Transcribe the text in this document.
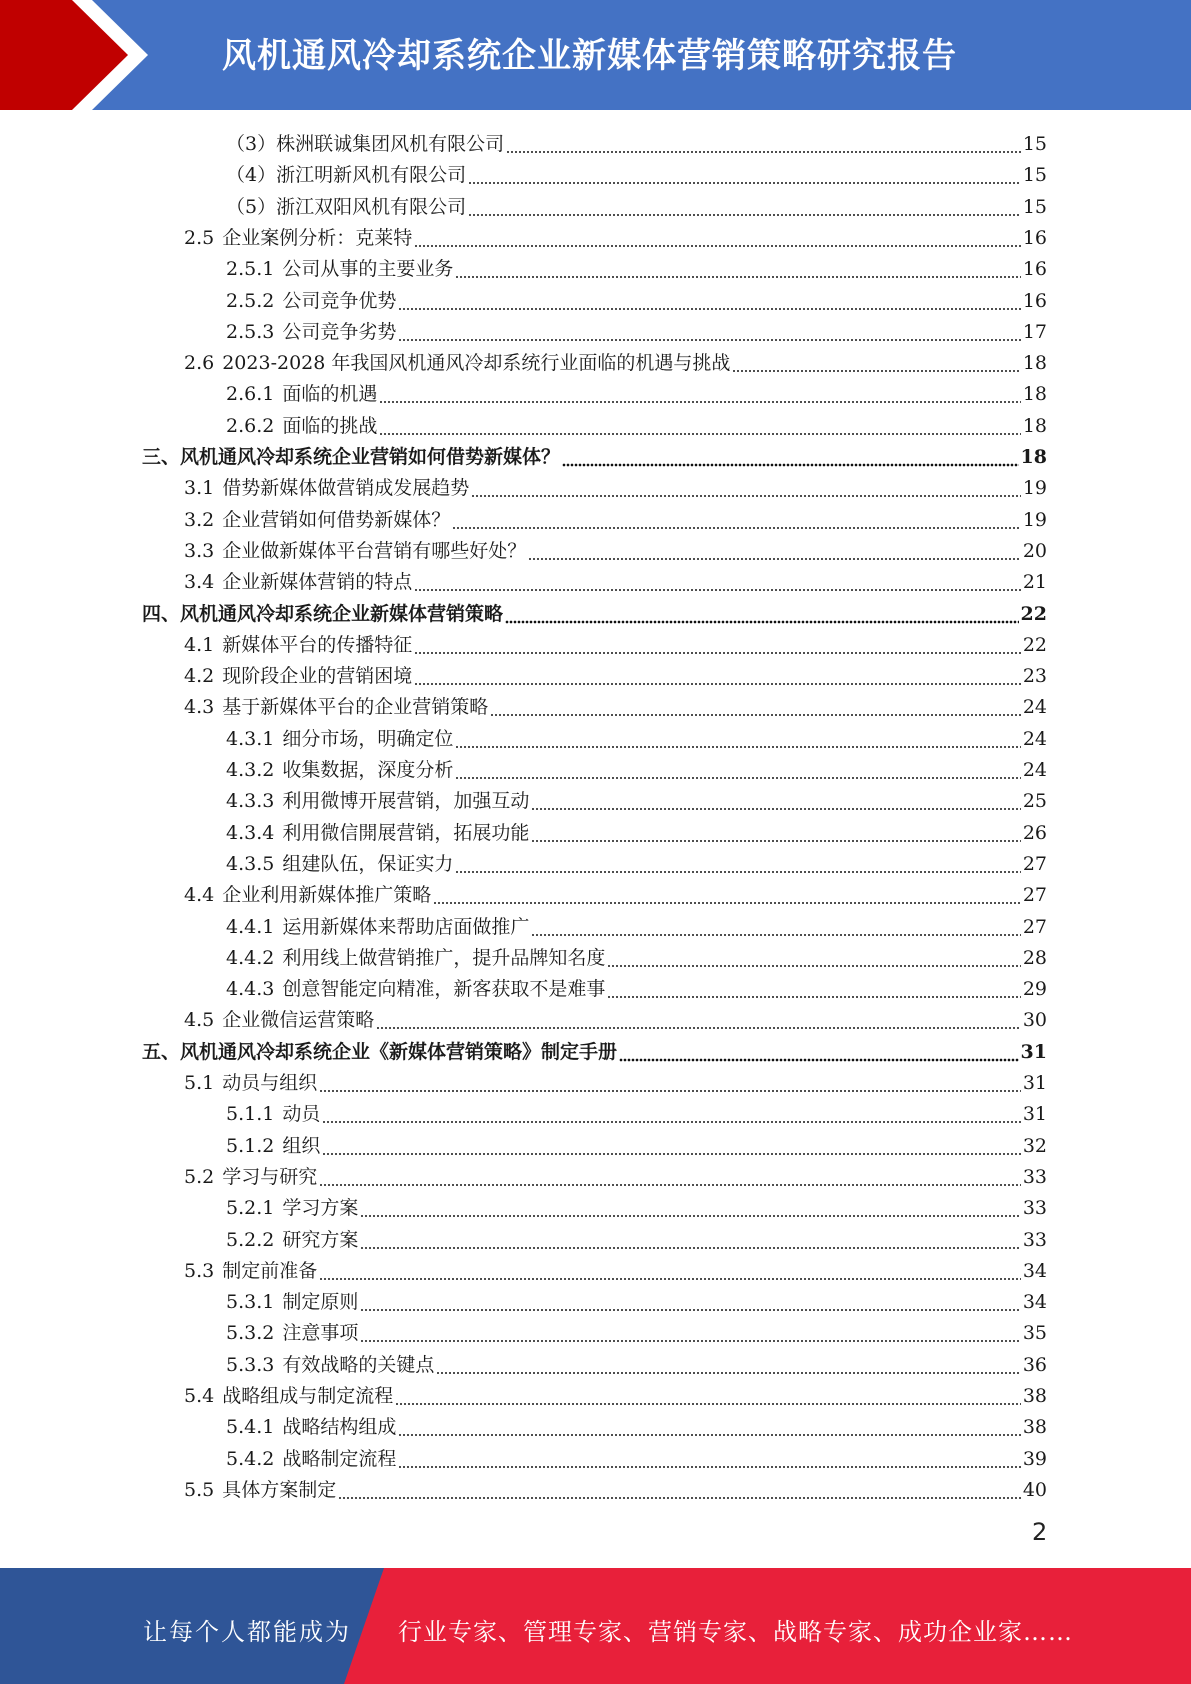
风机通风冷却系统企业新媒体营销策略研究报告
（3） 株洲联诚集团风机有限公司	15
（4） 浙江明新风机有限公司	15
（5） 浙江双阳风机有限公司	15
2.5 企业案例分析：克莱特	16
2.5.1 公司从事的主要业务	16
2.5.2 公司竞争优势	16
2.5.3 公司竞争劣势	17
2.6 2023-2028 年我国风机通风冷却系统行业面临的机遇与挑战	18
2.6.1 面临的机遇	18
2.6.2 面临的挑战	18
三、 风机通风冷却系统企业营销如何借势新媒体？	18
3.1 借势新媒体做营销成发展趋势	19
3.2 企业营销如何借势新媒体？	19
3.3 企业做新媒体平台营销有哪些好处？	20
3.4 企业新媒体营销的特点	21
四、 风机通风冷却系统企业新媒体营销策略	22
4.1 新媒体平台的传播特征	22
4.2 现阶段企业的营销困境	23
4.3 基于新媒体平台的企业营销策略	24
4.3.1 细分市场，明确定位	24
4.3.2 收集数据，深度分析	24
4.3.3 利用微博开展营销，加强互动	25
4.3.4 利用微信開展营销，拓展功能	26
4.3.5 组建队伍，保证实力	27
4.4 企业利用新媒体推广策略	27
4.4.1 运用新媒体来帮助店面做推广	27
4.4.2 利用线上做营销推广，提升品牌知名度	28
4.4.3 创意智能定向精准，新客获取不是难事	29
4.5 企业微信运营策略	30
五、 风机通风冷却系统企业《新媒体营销策略》制定手册	31
5.1 动员与组织	31
5.1.1 动员	31
5.1.2 组织	32
5.2 学习与研究	33
5.2.1 学习方案	33
5.2.2 研究方案	33
5.3 制定前准备	34
5.3.1 制定原则	34
5.3.2 注意事项	35
5.3.3 有效战略的关键点	36
5.4 战略组成与制定流程	38
5.4.1 战略结构组成	38
5.4.2 战略制定流程	39
5.5 具体方案制定	40
2
让每个人都能成为 行业专家、管理专家、营销专家、战略专家、成功企业家……
